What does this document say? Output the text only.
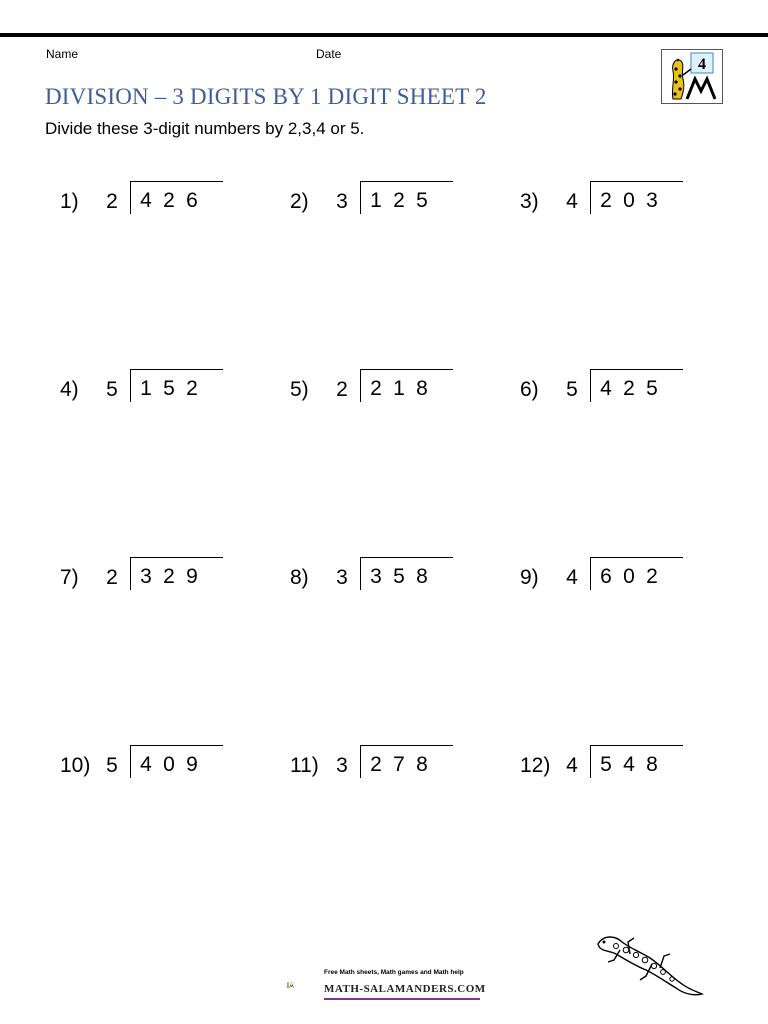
Name	Date
4
DIVISION – 3 DIGITS BY 1 DIGIT SHEET 2
Divide these 3-digit numbers by 2,3,4 or 5.
1) 2 4 2 6	2) 3 1 2 5	3) 4 2 0 3
4) 5 1 5 2	5) 2 2 1 8	6) 5 4 2 5
7) 2 3 2 9	8) 3 3 5 8	9) 4 6 0 2
10) 5 4 0 9	11) 3 2 7 8	12) 4 5 4 8
Free Math sheets, Math games and Math help
MATH-SALAMANDERS.COM
